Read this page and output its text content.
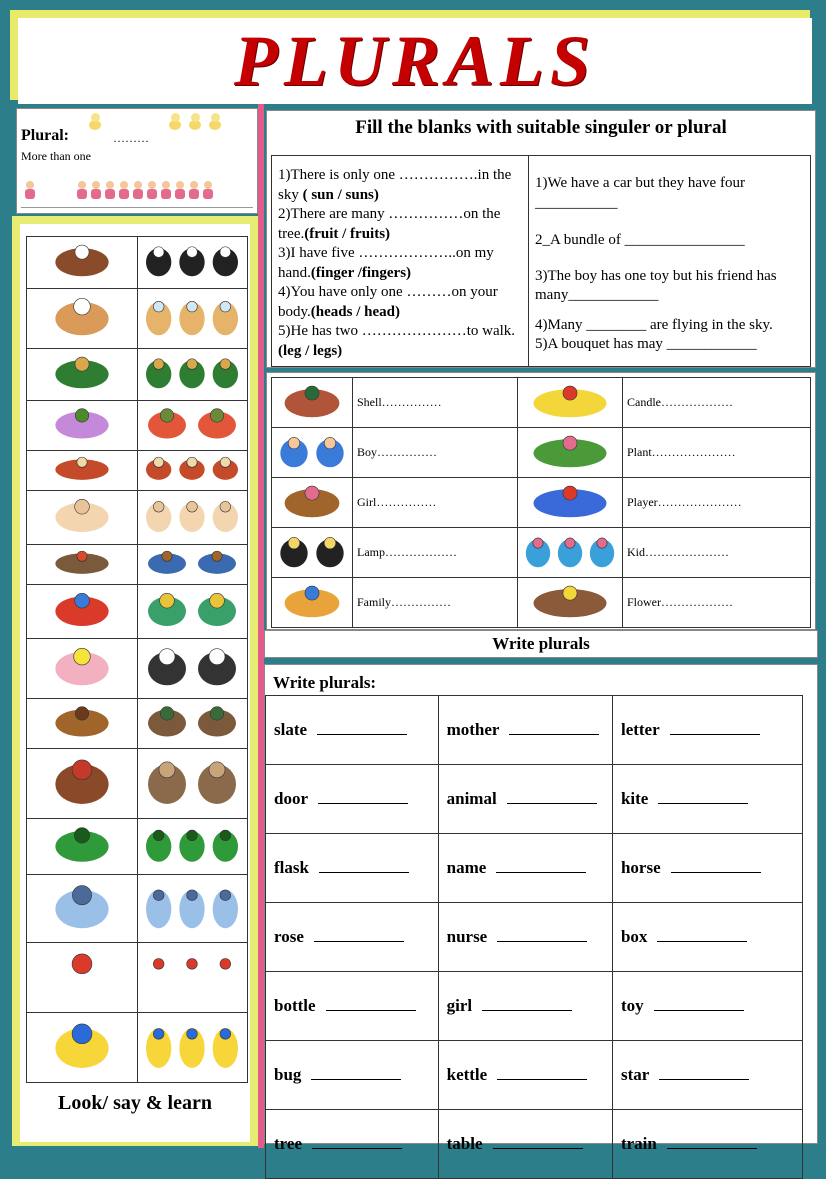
PLURALS
Plural:	………

More than one

Look/ say & learn
Fill the blanks with suitable singuler or plural
1)There is only one …………….in the sky ( sun / suns)
2)There are many ……………on the tree.(fruit / fruits)
3)I have five ………………..on my hand.(finger /fingers)
4)You have only one ………on your body.(heads / head)
5)He has two …………………to walk. (leg / legs)
1)We have a car but they have four ___________
2_A bundle of ________________
3)The boy has one toy but his friend has many____________
4)Many ________ are flying in the sky.
5)A bouquet has may ____________
	Shell……………		Candle………………
	Boy……………		Plant…………………
	Girl……………		Player…………………
	Lamp………………		Kid…………………
	Family……………		Flower………………
Write plurals
Write plurals:
slate	mother	letter
door	animal	kite
flask	name	horse
rose	nurse	box
bottle	girl	toy
bug	kettle	star
tree	table	train
